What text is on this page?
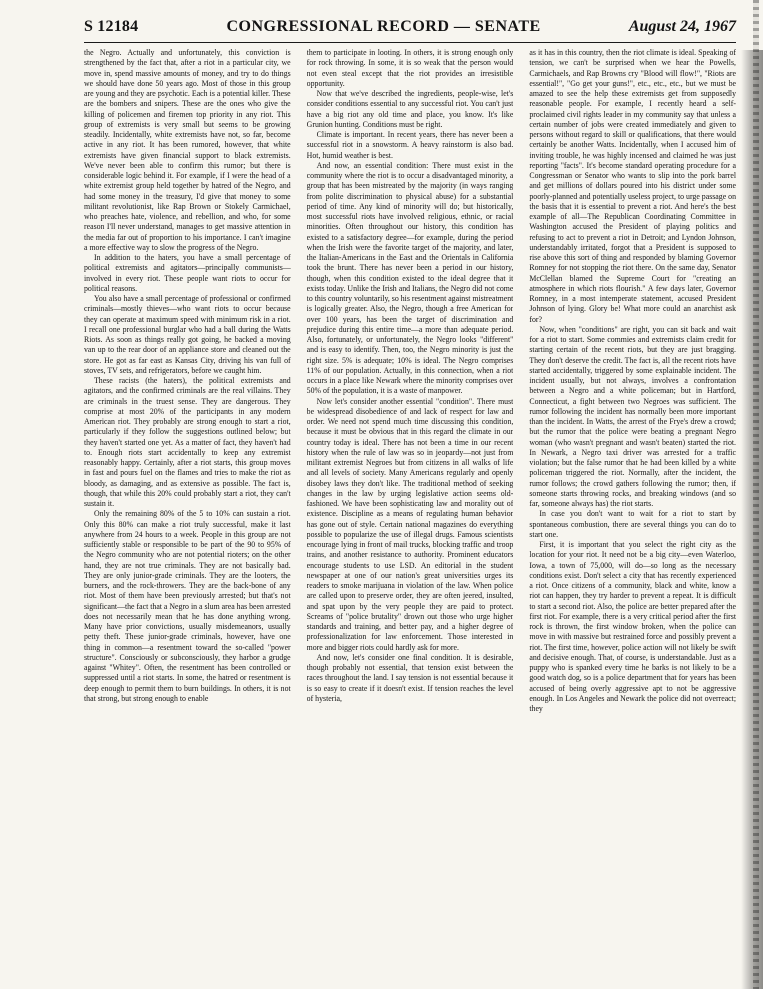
S 12184	CONGRESSIONAL RECORD — SENATE	August 24, 1967

the Negro. Actually and unfortunately, this conviction is strengthened by the fact that, after a riot in a particular city, we move in, spend massive amounts of money, and try to do things we should have done 50 years ago. Most of those in this group are young and they are psychotic. Each is a potential killer. These are the bombers and snipers. These are the ones who give the killing of policemen and firemen top priority in any riot. This group of extremists is very small but seems to be growing steadily. Incidentally, white extremists have not, so far, become active in any riot. It has been rumored, however, that white extremists have given financial support to black extremists. We've never been able to confirm this rumor; but there is considerable logic behind it. For example, if I were the head of a white extremist group held together by hatred of the Negro, and had some money in the treasury, I'd give that money to some militant revolutionist, like Rap Brown or Stokely Carmichael, who preaches hate, violence, and rebellion, and who, for some reason I'll never understand, manages to get massive attention in the media far out of proportion to his importance. I can't imagine a more effective way to slow the progress of the Negro.

In addition to the haters, you have a small percentage of political extremists and agitators—principally communists—involved in every riot. These people want riots to occur for political reasons.

You also have a small percentage of professional or confirmed criminals—mostly thieves—who want riots to occur because they can operate at maximum speed with minimum risk in a riot. I recall one professional burglar who had a ball during the Watts Riots. As soon as things really got going, he backed a moving van up to the rear door of an appliance store and cleaned out the store. He got as far east as Kansas City, driving his van full of stoves, TV sets, and refrigerators, before we caught him.

These racists (the haters), the political extremists and agitators, and the confirmed criminals are the real villains. They are criminals in the truest sense. They are dangerous. They comprise at most 20% of the participants in any modern American riot. They probably are strong enough to start a riot, particularly if they follow the suggestions outlined below; but they haven't started one yet. As a matter of fact, they haven't had to. Enough riots start accidentally to keep any extremist reasonably happy. Certainly, after a riot starts, this group moves in fast and pours fuel on the flames and tries to make the riot as bloody, as damaging, and as extensive as possible. The fact is, though, that while this 20% could probably start a riot, they can't sustain it.

Only the remaining 80% of the 5 to 10% can sustain a riot. Only this 80% can make a riot truly successful, make it last anywhere from 24 hours to a week. People in this group are not sufficiently stable or responsible to be part of the 90 to 95% of the Negro community who are not potential rioters; on the other hand, they are not true criminals. They are not basically bad. They are only junior-grade criminals. They are the looters, the burners, and the rock-throwers. They are the back-bone of any riot. Most of them have been previously arrested; but that's not significant—the fact that a Negro in a slum area has been arrested does not necessarily mean that he has done anything wrong. Many have prior convictions, usually misdemeanors, usually petty theft. These junior-grade criminals, however, have one thing in common—a resentment toward the so-called "power structure". Consciously or subconsciously, they harbor a grudge against "Whitey". Often, the resentment has been controlled or suppressed until a riot starts. In some, the hatred or resentment is deep enough to permit them to burn buildings. In others, it is not that strong, but strong enough to enable

them to participate in looting. In others, it is strong enough only for rock throwing. In some, it is so weak that the person would not even steal except that the riot provides an irresistible opportunity.

Now that we've described the ingredients, people-wise, let's consider conditions essential to any successful riot. You can't just have a big riot any old time and place, you know. It's like Grunion hunting. Conditions must be right.

Climate is important. In recent years, there has never been a successful riot in a snowstorm. A heavy rainstorm is also bad. Hot, humid weather is best.

And now, an essential condition: There must exist in the community where the riot is to occur a disadvantaged minority, a group that has been mistreated by the majority (in ways ranging from polite discrimination to physical abuse) for a substantial period of time. Any kind of minority will do; but historically, most successful riots have involved religious, ethnic, or racial minorities. Often throughout our history, this condition has existed to a satisfactory degree—for example, during the period when the Irish were the favorite target of the majority, and later, the Italian-Americans in the East and the Orientals in California took the brunt. There has never been a period in our history, though, when this condition existed to the ideal degree that it exists today. Unlike the Irish and Italians, the Negro did not come to this country voluntarily, so his resentment against mistreatment is logically greater. Also, the Negro, though a free American for over 100 years, has been the target of discrimination and prejudice during this entire time—a more than adequate period. Also, fortunately, or unfortunately, the Negro looks "different" and is easy to identify. Then, too, the Negro minority is just the right size. 5% is adequate; 10% is ideal. The Negro comprises 11% of our population. Actually, in this connection, when a riot occurs in a place like Newark where the minority comprises over 50% of the population, it is a waste of manpower.

Now let's consider another essential "condition". There must be widespread disobedience of and lack of respect for law and order. We need not spend much time discussing this condition, because it must be obvious that in this regard the climate in our country today is ideal. There has not been a time in our recent history when the rule of law was so in jeopardy—not just from militant extremist Negroes but from citizens in all walks of life and all levels of society. Many Americans regularly and openly disobey laws they don't like. The traditional method of seeking changes in the law by urging legislative action seems old-fashioned. We have been sophisticating law and morality out of existence. Discipline as a means of regulating human behavior has gone out of style. Certain national magazines do everything possible to popularize the use of illegal drugs. Famous scientists encourage lying in front of mail trucks, blocking traffic and troop trains, and another resistance to authority. Prominent educators encourage students to use LSD. An editorial in the student newspaper at one of our nation's great universities urges its readers to smoke marijuana in violation of the law. When police are called upon to preserve order, they are often jeered, insulted, and spat upon by the very people they are paid to protect. Screams of "police brutality" drown out those who urge higher standards and training, and better pay, and a higher degree of professionalization for law enforcement. Those interested in more and bigger riots could hardly ask for more.

And now, let's consider one final condition. It is desirable, though probably not essential, that tension exist between the races throughout the land. I say tension is not essential because it is so easy to create if it doesn't exist. If tension reaches the level of hysteria,

as it has in this country, then the riot climate is ideal. Speaking of tension, we can't be surprised when we hear the Powells, Carmichaels, and Rap Browns cry "Blood will flow!", "Riots are essential!", "Go get your guns!", etc., etc., etc., but we must be amazed to see the help these extremists get from supposedly reasonable people. For example, I recently heard a self-proclaimed civil rights leader in my community say that unless a certain number of jobs were created immediately and given to persons without regard to skill or qualifications, that there would certainly be another Watts. Incidentally, when I accused him of inviting trouble, he was highly incensed and claimed he was just reporting "facts". It's become standard operating procedure for a Congressman or Senator who wants to slip into the pork barrel and get millions of dollars poured into his district under some poorly-planned and potentially useless project, to urge passage on the basis that it is essential to prevent a riot. And here's the best example of all—The Republican Coordinating Committee in Washington accused the President of playing politics and refusing to act to prevent a riot in Detroit; and Lyndon Johnson, understandably irritated, forgot that a President is supposed to rise above this sort of thing and responded by blaming Governor Romney for not stopping the riot there. On the same day, Senator McClellan blamed the Supreme Court for "creating an atmosphere in which riots flourish." A few days later, Governor Romney, in a most intemperate statement, accused President Johnson of lying. Glory be! What more could an anarchist ask for?

Now, when "conditions" are right, you can sit back and wait for a riot to start. Some commies and extremists claim credit for starting certain of the recent riots, but they are just bragging. They don't deserve the credit. The fact is, all the recent riots have started accidentally, triggered by some explainable incident. The incident usually, but not always, involves a confrontation between a Negro and a white policeman; but in Hartford, Connecticut, a fight between two Negroes was sufficient. The rumor following the incident has normally been more important than the incident. In Watts, the arrest of the Frye's drew a crowd; but the rumor that the police were beating a pregnant Negro woman (who wasn't pregnant and wasn't beaten) started the riot. In Newark, a Negro taxi driver was arrested for a traffic violation; but the false rumor that he had been killed by a white policeman triggered the riot. Normally, after the incident, the rumor follows; the crowd gathers following the rumor; then, if someone starts throwing rocks, and breaking windows (and so far, someone always has) the riot starts.

In case you don't want to wait for a riot to start by spontaneous combustion, there are several things you can do to start one.

First, it is important that you select the right city as the location for your riot. It need not be a big city—even Waterloo, Iowa, a town of 75,000, will do—so long as the necessary conditions exist. Don't select a city that has recently experienced a riot. Once citizens of a community, black and white, know a riot can happen, they try harder to prevent a repeat. It is difficult to start a second riot. Also, the police are better prepared after the first riot. For example, there is a very critical period after the first rock is thrown, the first window broken, when the police can move in with massive but restrained force and possibly prevent a riot. The first time, however, police action will not likely be swift and decisive enough. That, of course, is understandable. Just as a puppy who is spanked every time he barks is not likely to be a good watch dog, so is a police department that for years has been accused of being overly aggressive apt to not be aggressive enough. In Los Angeles and Newark the police did not overreact; they
